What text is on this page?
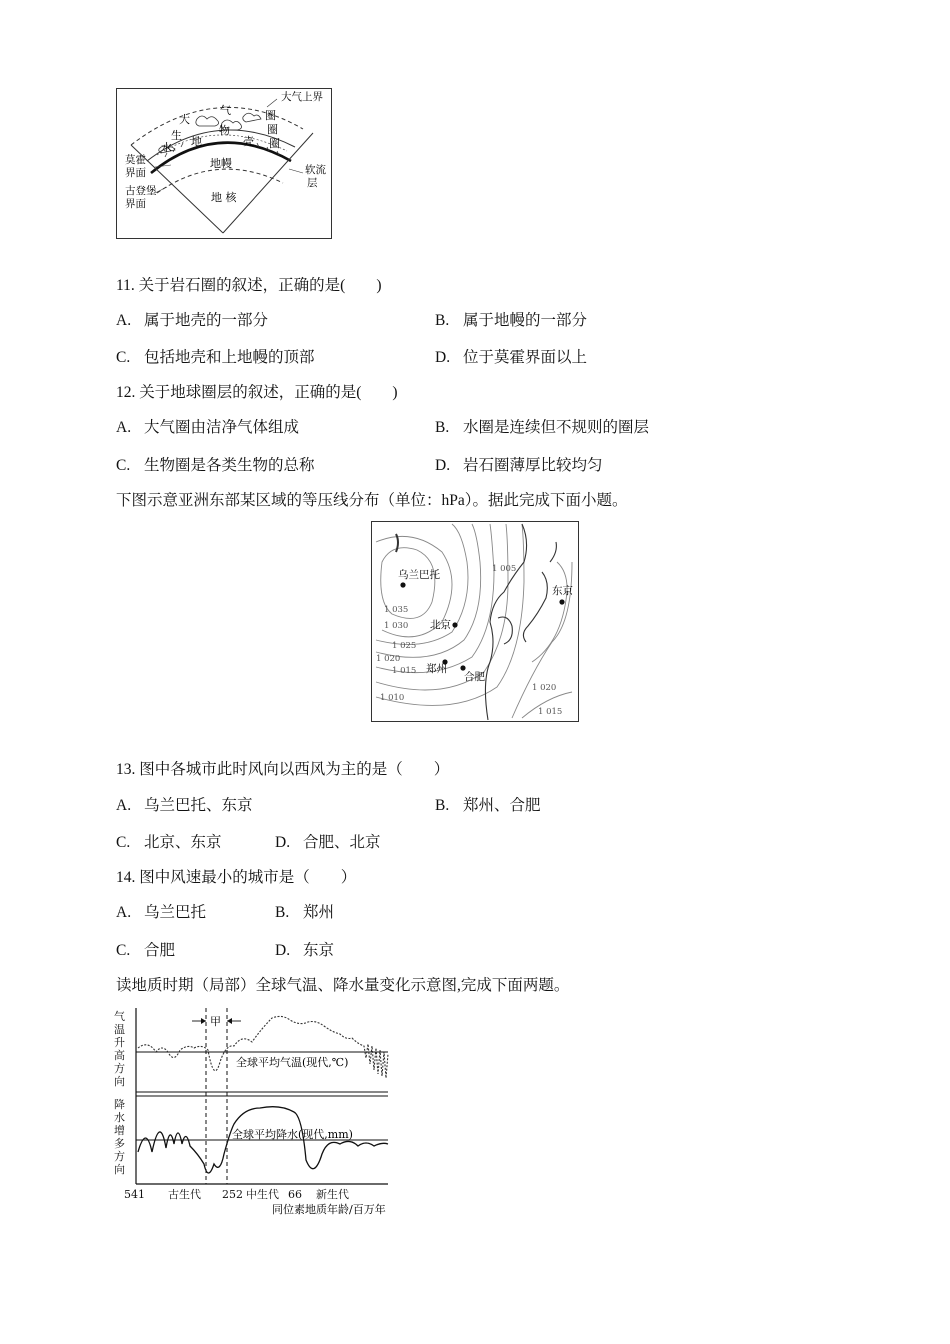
大气上界
大
气	圈
生	物	圈
水 地	壳 圈
莫霍
界面
古登堡
界面
地幔
地 核
软流
层
11. 关于岩石圈的叙述，正确的是(　　)
A. 属于地壳的一部分	B. 属于地幔的一部分
C. 包括地壳和上地幔的顶部	D. 位于莫霍界面以上
12. 关于地球圈层的叙述，正确的是(　　)
A. 大气圈由洁净气体组成	B. 水圈是连续但不规则的圈层
C. 生物圈是各类生物的总称	D. 岩石圈薄厚比较均匀
下图示意亚洲东部某区域的等压线分布（单位：hPa）。据此完成下面小题。
乌兰巴托
北京
郑州
合肥
东京
1 035
1 030
1 025
1 020
1 015
1 010
1 005
1 020
1 015
13. 图中各城市此时风向以西风为主的是（　　）
A. 乌兰巴托、东京	B. 郑州、合肥
C. 北京、东京	D. 合肥、北京
14. 图中风速最小的城市是（　　）
A. 乌兰巴托	B. 郑州
C. 合肥	D. 东京
读地质时期（局部）全球气温、降水量变化示意图,完成下面两题。
气
温
升
高
方
向
降
水
增
多
方
向
甲
全球平均气温(现代,℃)
全球平均降水(现代,mm)
541 古生代 252 中生代 66 新生代
同位素地质年龄/百万年
